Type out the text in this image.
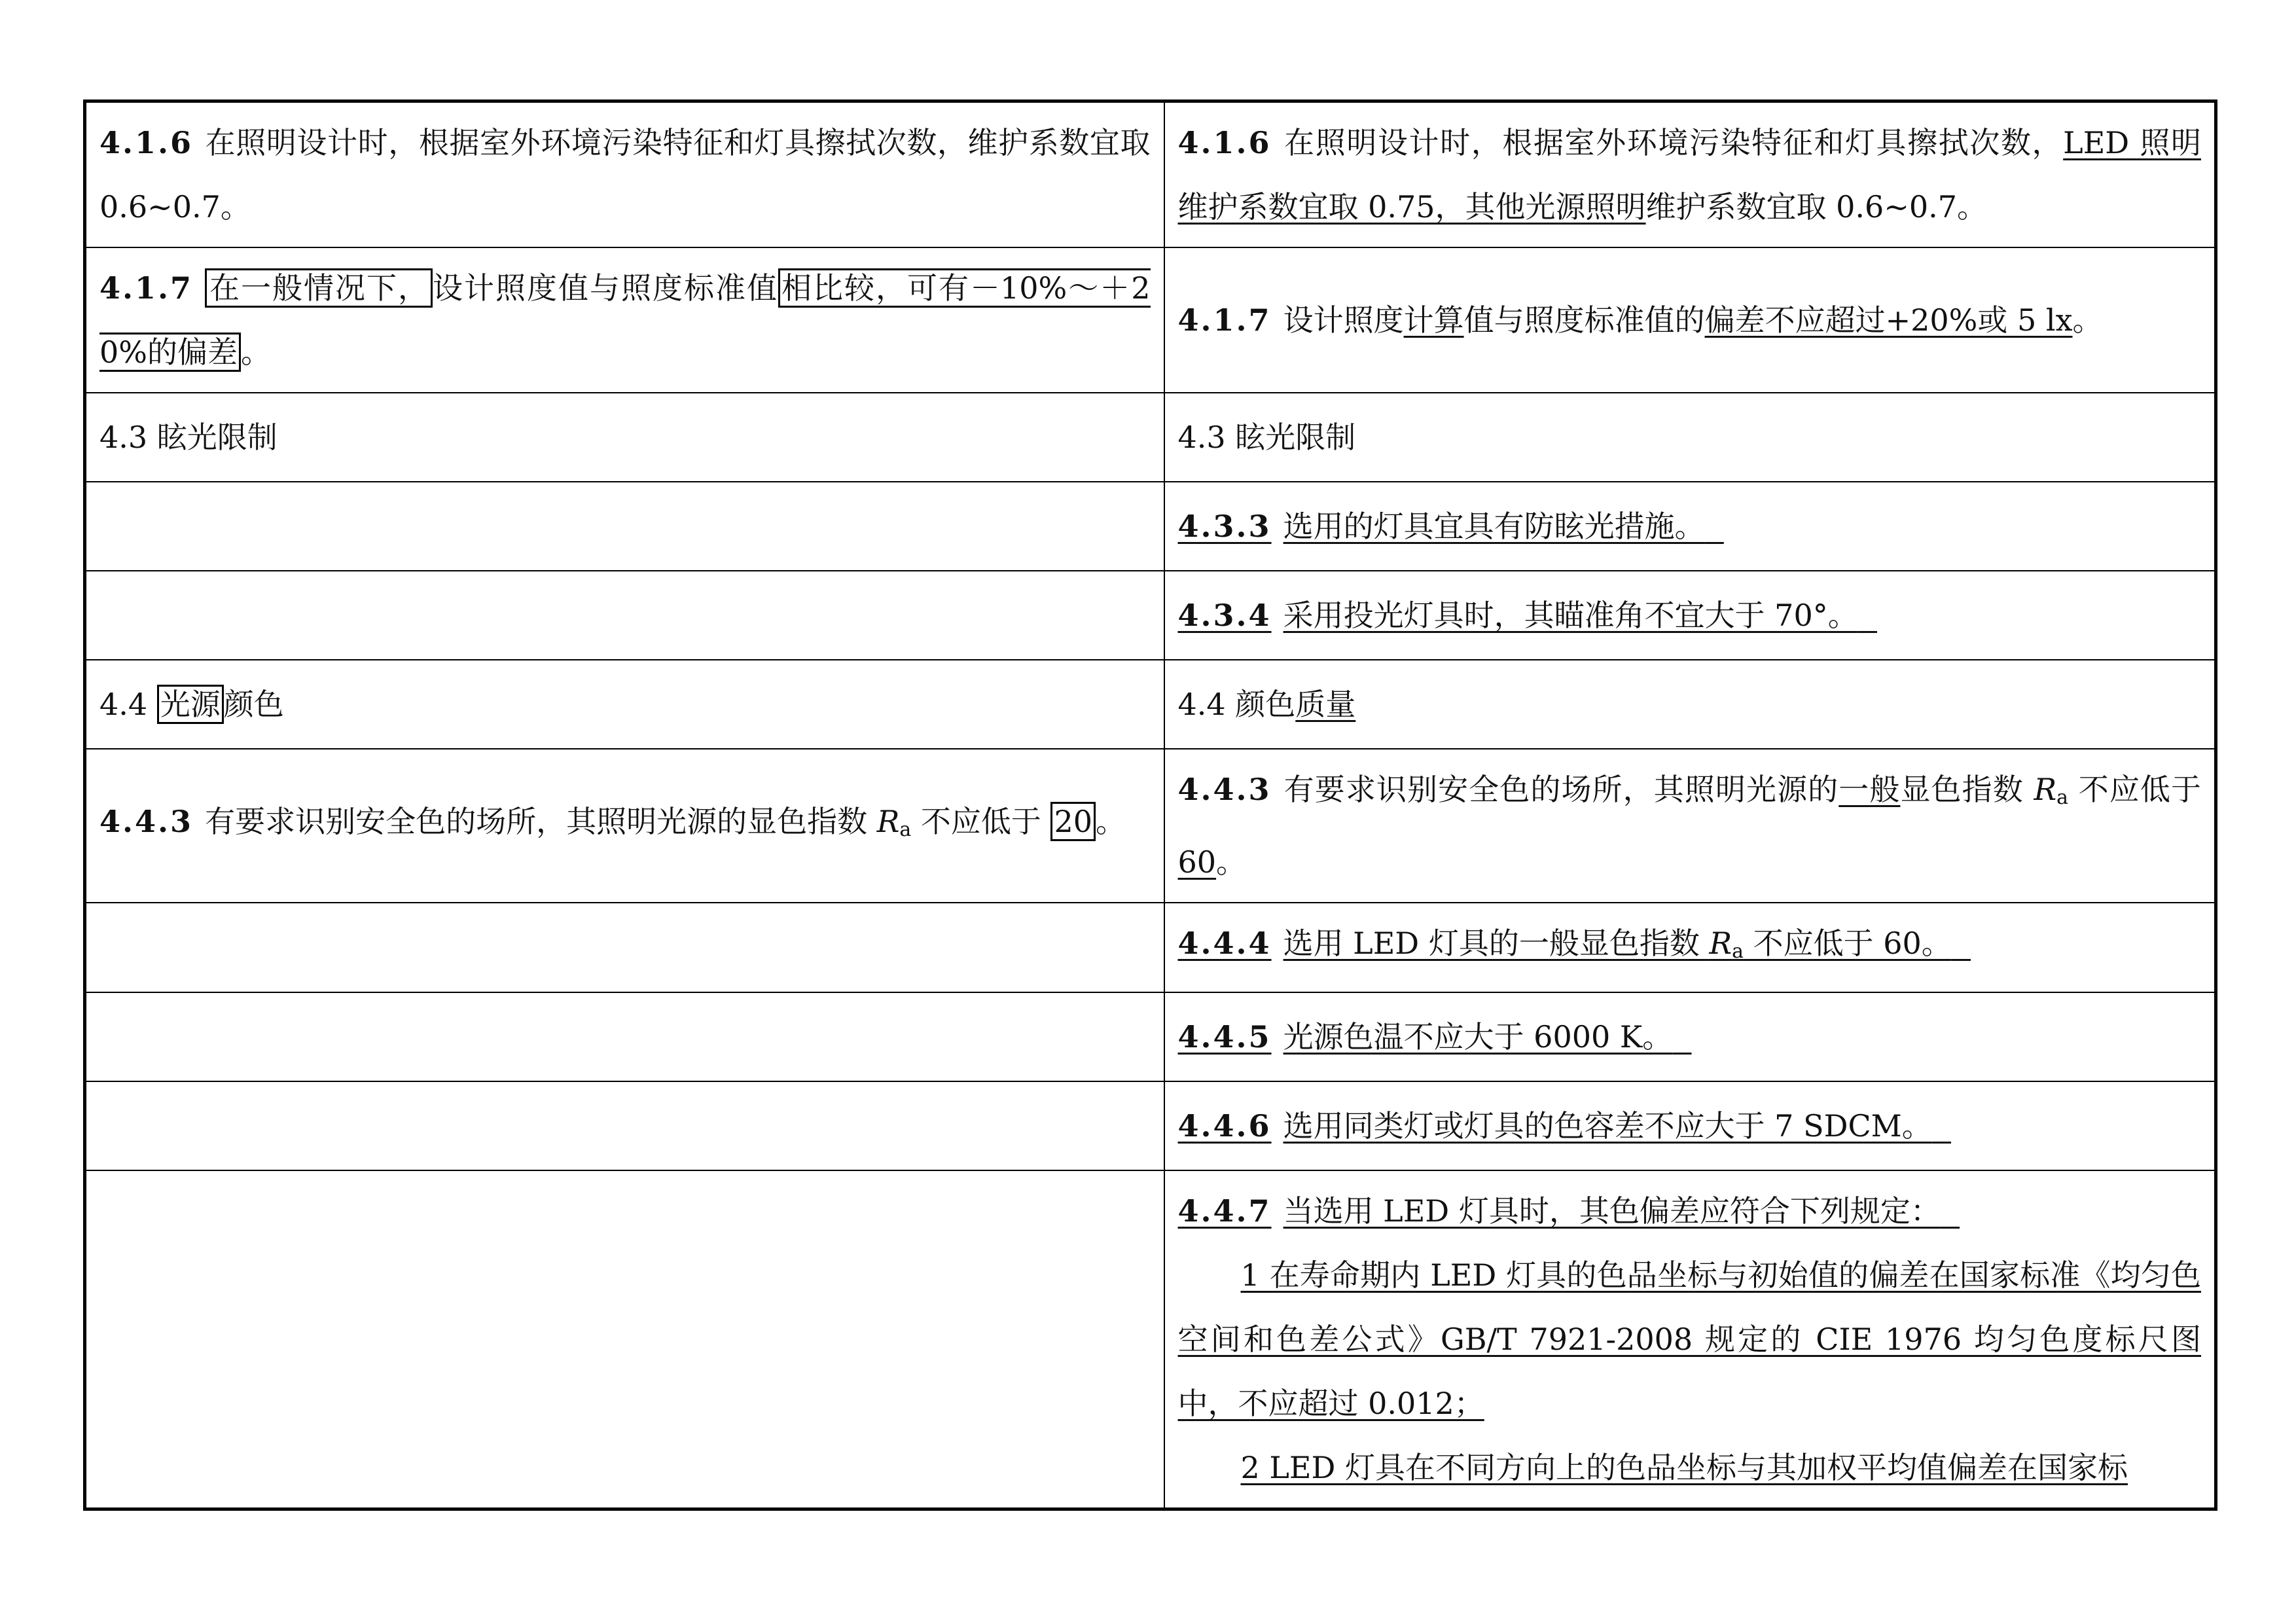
4.1.6 在照明设计时，根据室外环境污染特征和灯具擦拭次数，维护系数宜取 0.6~0.7。	4.1.6 在照明设计时，根据室外环境污染特征和灯具擦拭次数，LED 照明维护系数宜取 0.75，其他光源照明维护系数宜取 0.6~0.7。
4.1.7 在一般情况下， 设计照度值与照度标准值 相比较，可有－10%～＋20%的偏差 。	4.1.7 设计照度计算值与照度标准值的偏差不应超过+20%或 5 lx。
4.3 眩光限制	4.3 眩光限制
	4.3.3 选用的灯具宜具有防眩光措施。
	4.3.4 采用投光灯具时，其瞄准角不宜大于 70°。
4.4 光源 颜色	4.4 颜色质量
4.4.3 有要求识别安全色的场所，其照明光源的显色指数 $R_a$ 不应低于 20 。	4.4.3 有要求识别安全色的场所，其照明光源的一般显色指数 $R_a$ 不应低于 60。
	4.4.4 选用 LED 灯具的一般显色指数 $R_a$ 不应低于 60。
	4.4.5 光源色温不应大于 6000 K。
	4.4.6 选用同类灯或灯具的色容差不应大于 7 SDCM。
	4.4.7 当选用 LED 灯具时，其色偏差应符合下列规定：
1 在寿命期内 LED 灯具的色品坐标与初始值的偏差在国家标准《均匀色空间和色差公式》GB/T 7921-2008 规定的 CIE 1976 均匀色度标尺图中，不应超过 0.012；
2 LED 灯具在不同方向上的色品坐标与其加权平均值偏差在国家标
